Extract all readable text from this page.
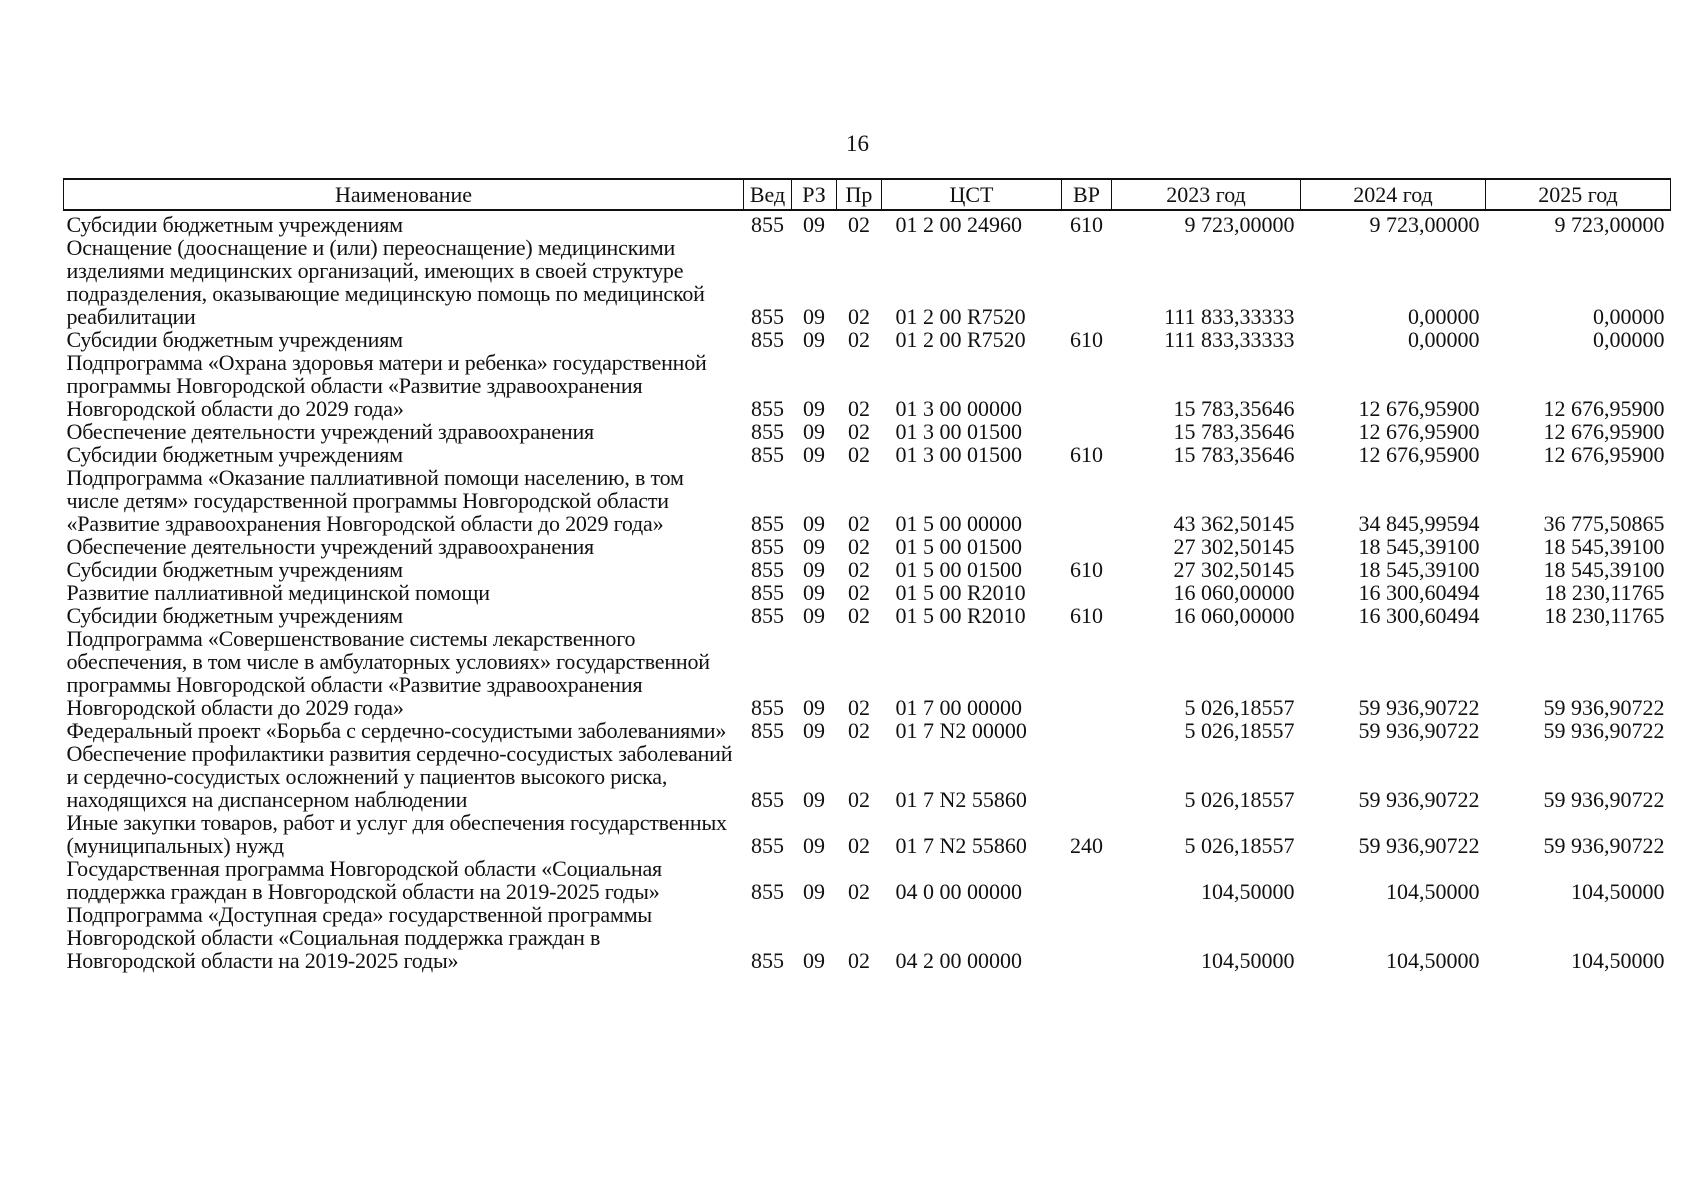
16
Наименование	Вед	РЗ	Пр	ЦСТ	ВР	2023 год	2024 год	2025 год
Субсидии бюджетным учреждениям	855	09	02	01 2 00 24960	610	9 723,00000	9 723,00000	9 723,00000
Оснащение (дооснащение и (или) переоснащение) медицинскими изделиями медицинских организаций, имеющих в своей структуре подразделения, оказывающие медицинскую помощь по медицинской реабилитации	855	09	02	01 2 00 R7520		111 833,33333	0,00000	0,00000
Субсидии бюджетным учреждениям	855	09	02	01 2 00 R7520	610	111 833,33333	0,00000	0,00000
Подпрограмма «Охрана здоровья матери и ребенка» государственной программы Новгородской области «Развитие здравоохранения Новгородской области до 2029 года»	855	09	02	01 3 00 00000		15 783,35646	12 676,95900	12 676,95900
Обеспечение деятельности учреждений здравоохранения	855	09	02	01 3 00 01500		15 783,35646	12 676,95900	12 676,95900
Субсидии бюджетным учреждениям	855	09	02	01 3 00 01500	610	15 783,35646	12 676,95900	12 676,95900
Подпрограмма «Оказание паллиативной помощи населению, в том числе детям» государственной программы Новгородской области «Развитие здравоохранения Новгородской области до 2029 года»	855	09	02	01 5 00 00000		43 362,50145	34 845,99594	36 775,50865
Обеспечение деятельности учреждений здравоохранения	855	09	02	01 5 00 01500		27 302,50145	18 545,39100	18 545,39100
Субсидии бюджетным учреждениям	855	09	02	01 5 00 01500	610	27 302,50145	18 545,39100	18 545,39100
Развитие паллиативной медицинской помощи	855	09	02	01 5 00 R2010		16 060,00000	16 300,60494	18 230,11765
Субсидии бюджетным учреждениям	855	09	02	01 5 00 R2010	610	16 060,00000	16 300,60494	18 230,11765
Подпрограмма «Совершенствование системы лекарственного обеспечения, в том числе в амбулаторных условиях» государственной программы Новгородской области «Развитие здравоохранения Новгородской области до 2029 года»	855	09	02	01 7 00 00000		5 026,18557	59 936,90722	59 936,90722
Федеральный проект «Борьба с сердечно-сосудистыми заболеваниями»	855	09	02	01 7 N2 00000		5 026,18557	59 936,90722	59 936,90722
Обеспечение профилактики развития сердечно-сосудистых заболеваний и сердечно-сосудистых осложнений у пациентов высокого риска, находящихся на диспансерном наблюдении	855	09	02	01 7 N2 55860		5 026,18557	59 936,90722	59 936,90722
Иные закупки товаров, работ и услуг для обеспечения государственных (муниципальных) нужд	855	09	02	01 7 N2 55860	240	5 026,18557	59 936,90722	59 936,90722
Государственная программа Новгородской области «Социальная поддержка граждан в Новгородской области на 2019-2025 годы»	855	09	02	04 0 00 00000		104,50000	104,50000	104,50000
Подпрограмма «Доступная среда» государственной программы Новгородской области «Социальная поддержка граждан в Новгородской области на 2019-2025 годы»	855	09	02	04 2 00 00000		104,50000	104,50000	104,50000
